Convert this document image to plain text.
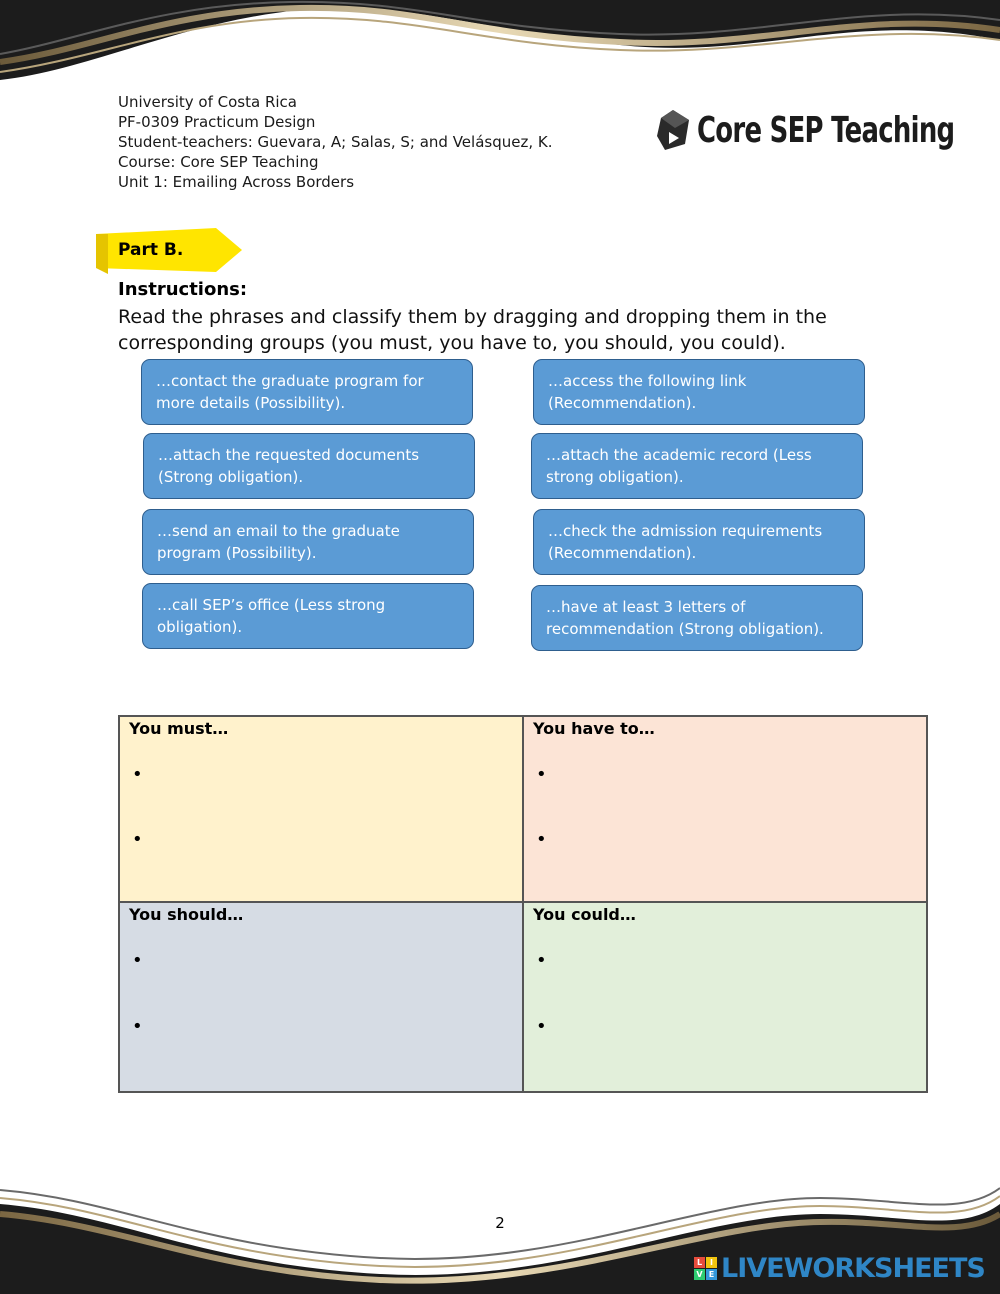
University of Costa Rica
PF-0309 Practicum Design
Student-teachers: Guevara, A; Salas, S; and Velásquez, K.
Course: Core SEP Teaching
Unit 1: Emailing Across Borders
Core SEP Teaching
Part B.
Instructions:
Read the phrases and classify them by dragging and dropping them in the corresponding groups (you must, you have to, you should, you could).
…contact the graduate program for more details (Possibility).
…access the following link (Recommendation).
…attach the requested documents (Strong obligation).
…attach the academic record (Less strong obligation).
…send an email to the graduate program (Possibility).
…check the admission requirements (Recommendation).
…call SEP’s office (Less strong obligation).
…have at least 3 letters of recommendation (Strong obligation).
You must…
•
•
You have to…
•
•
You should…
•
•
You could…
•
•
2
L I
V E LIVEWORKSHEETS
